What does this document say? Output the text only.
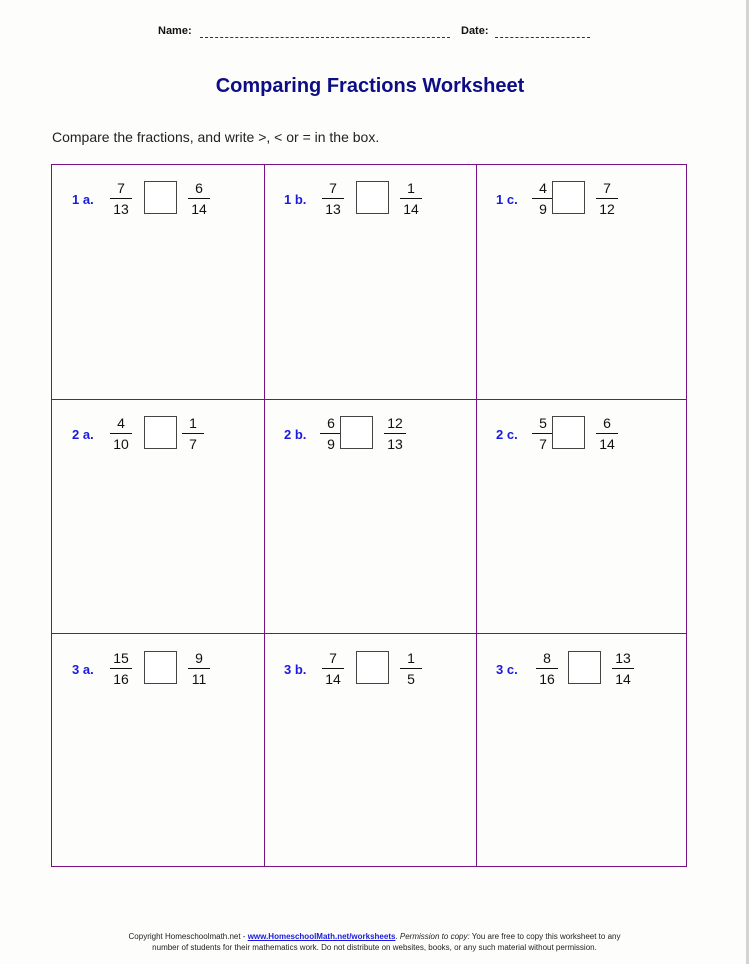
Name:	Date:
Comparing Fractions Worksheet
Compare the fractions, and write >, < or = in the box.
1 a.
7
13
6
14
1 b.
7
13
1
14
1 c.
4
9
7
12
2 a.
4
10
1
7
2 b.
6
9
12
13
2 c.
5
7
6
14
3 a.
15
16
9
11
3 b.
7
14
1
5
3 c.
8
16
13
14
Copyright Homeschoolmath.net - www.HomeschoolMath.net/worksheets. Permission to copy: You are free to copy this worksheet to any
number of students for their mathematics work. Do not distribute on websites, books, or any such material without permission.
